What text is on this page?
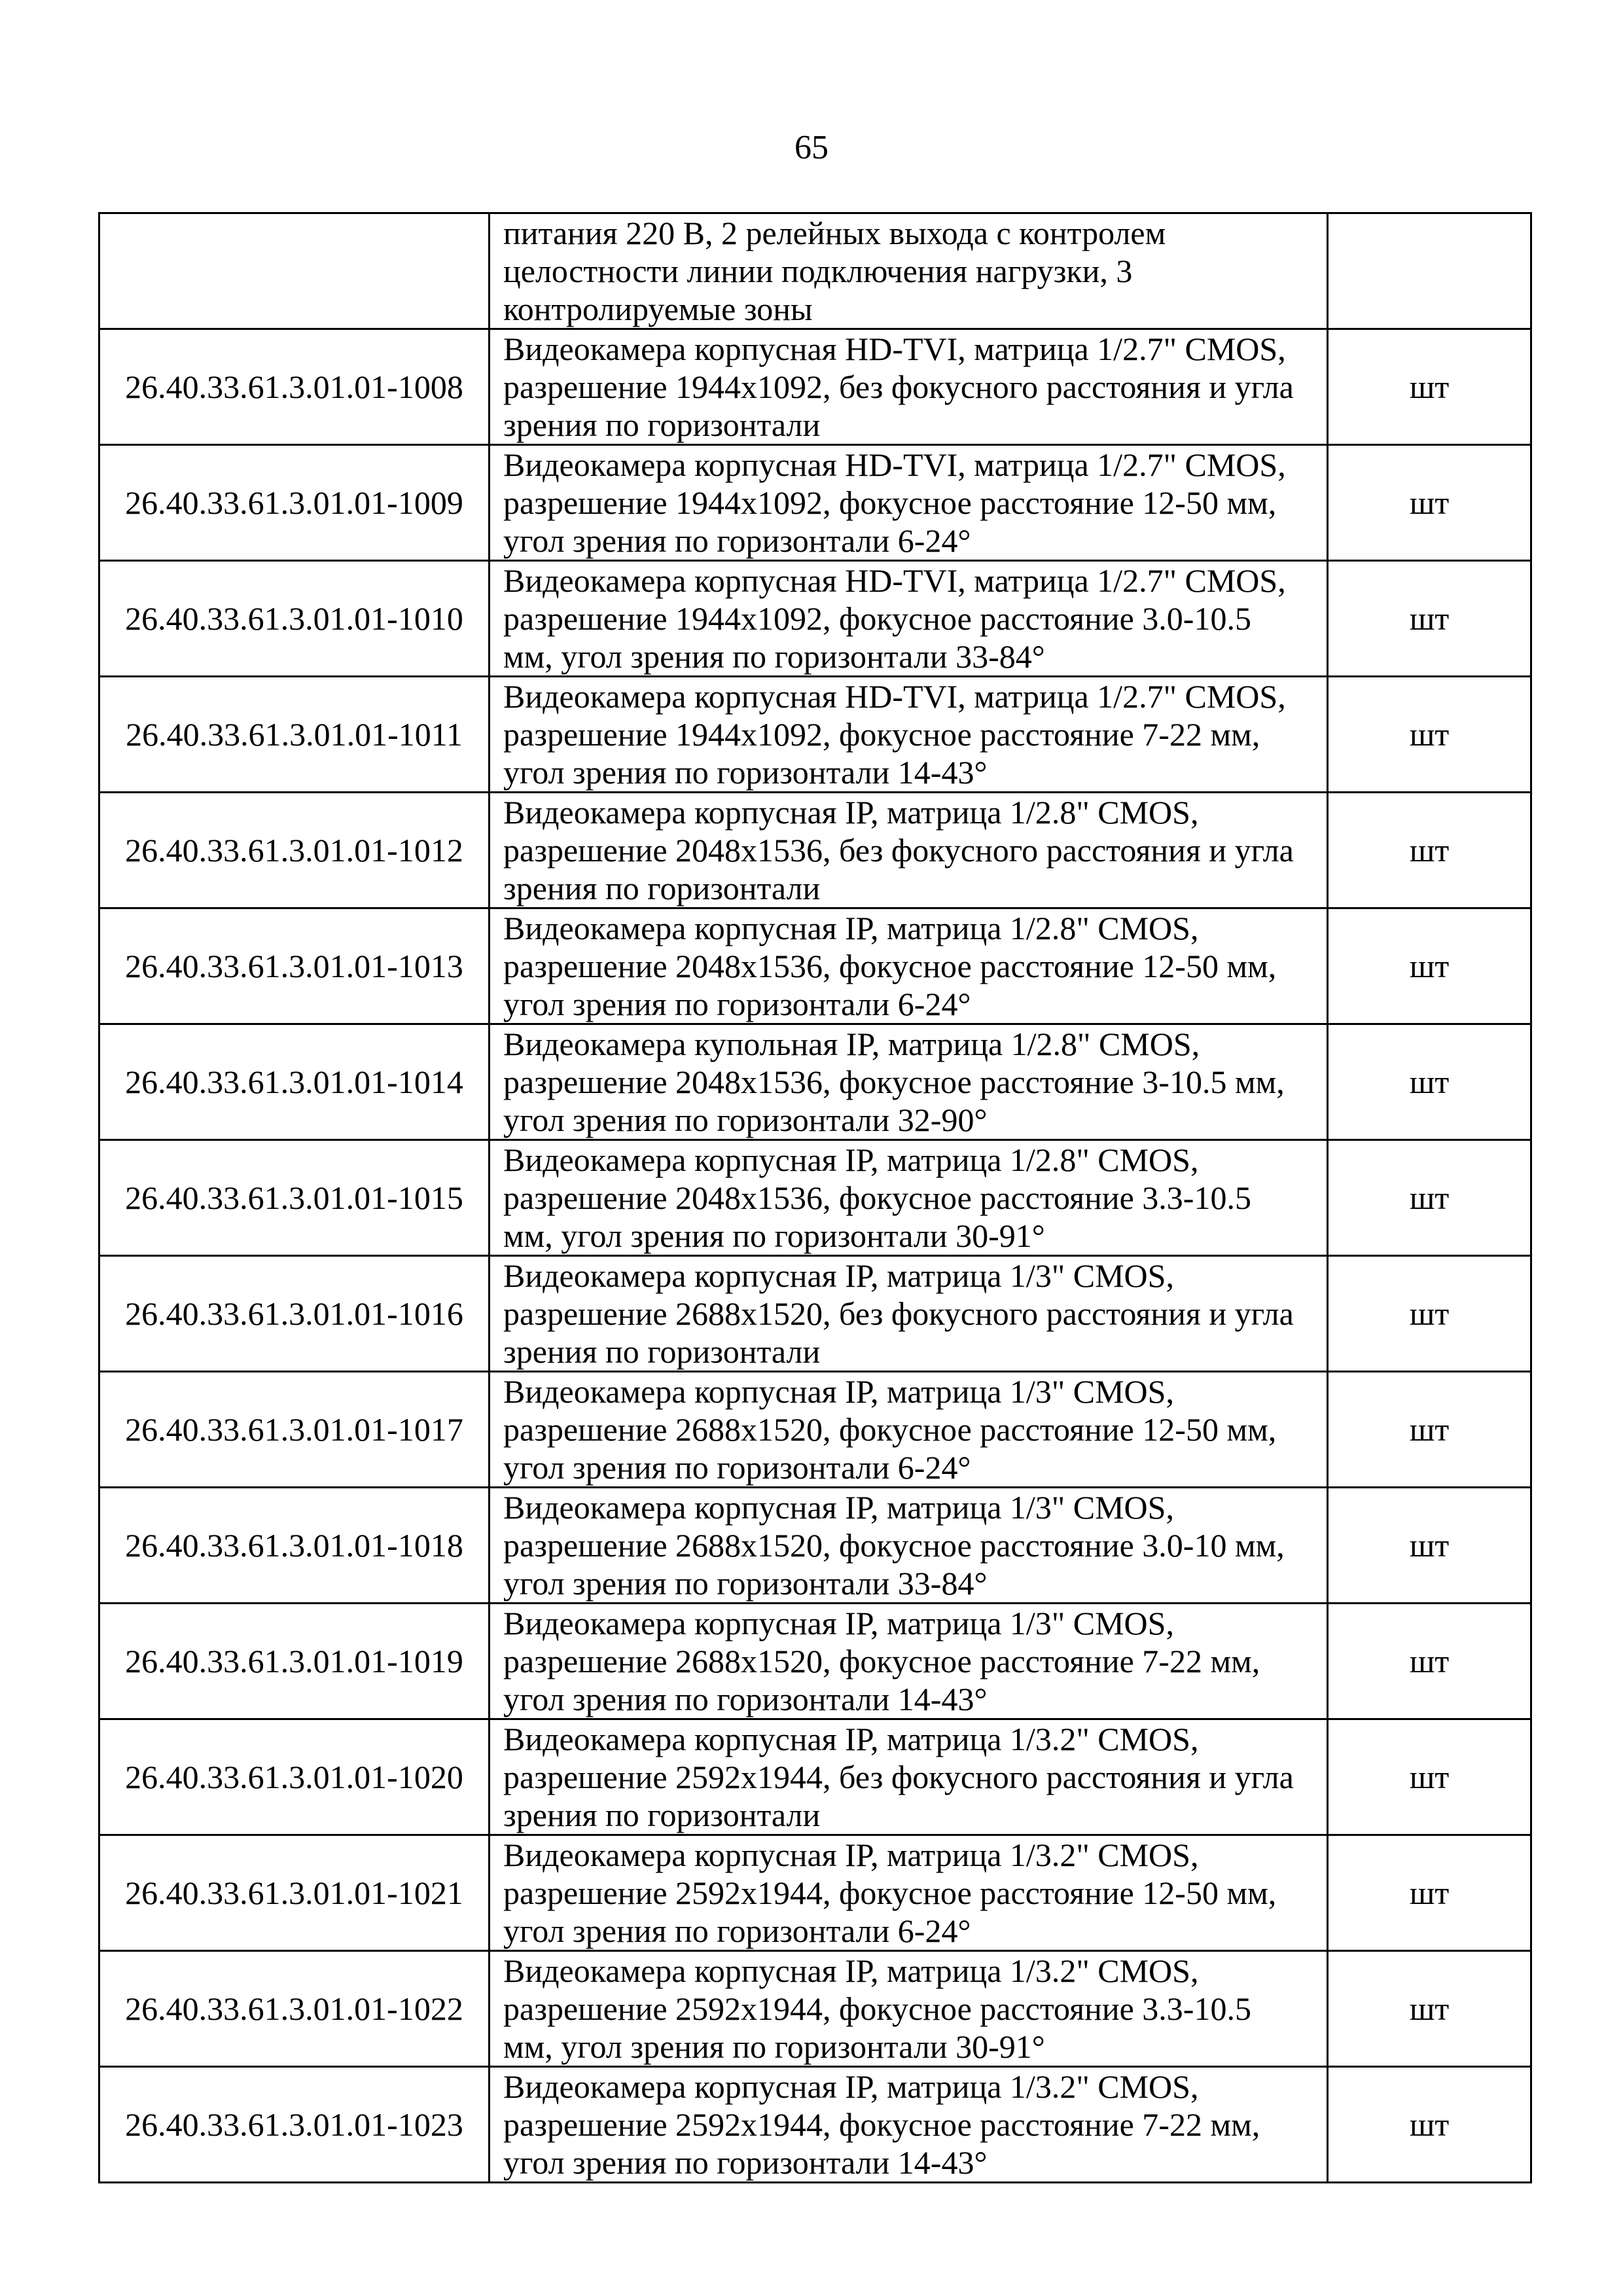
65

	питания 220 В, 2 релейных выхода с контролем
целостности линии подключения нагрузки, 3
контролируемые зоны	

26.40.33.61.3.01.01-1008	Видеокамера корпусная HD-TVI, матрица 1/2.7" CMOS,
разрешение 1944x1092, без фокусного расстояния и угла
зрения по горизонтали	шт
26.40.33.61.3.01.01-1009	Видеокамера корпусная HD-TVI, матрица 1/2.7" CMOS,
разрешение 1944x1092, фокусное расстояние 12-50 мм,
угол зрения по горизонтали 6-24°	шт
26.40.33.61.3.01.01-1010	Видеокамера корпусная HD-TVI, матрица 1/2.7" CMOS,
разрешение 1944x1092, фокусное расстояние 3.0-10.5
мм, угол зрения по горизонтали 33-84°	шт
26.40.33.61.3.01.01-1011	Видеокамера корпусная HD-TVI, матрица 1/2.7" CMOS,
разрешение 1944x1092, фокусное расстояние 7-22 мм,
угол зрения по горизонтали 14-43°	шт
26.40.33.61.3.01.01-1012	Видеокамера корпусная IP, матрица 1/2.8" CMOS,
разрешение 2048x1536, без фокусного расстояния и угла
зрения по горизонтали	шт
26.40.33.61.3.01.01-1013	Видеокамера корпусная IP, матрица 1/2.8" CMOS,
разрешение 2048x1536, фокусное расстояние 12-50 мм,
угол зрения по горизонтали 6-24°	шт
26.40.33.61.3.01.01-1014	Видеокамера купольная IP, матрица 1/2.8" CMOS,
разрешение 2048x1536, фокусное расстояние 3-10.5 мм,
угол зрения по горизонтали 32-90°	шт
26.40.33.61.3.01.01-1015	Видеокамера корпусная IP, матрица 1/2.8" CMOS,
разрешение 2048x1536, фокусное расстояние 3.3-10.5
мм, угол зрения по горизонтали 30-91°	шт
26.40.33.61.3.01.01-1016	Видеокамера корпусная IP, матрица 1/3" CMOS,
разрешение 2688x1520, без фокусного расстояния и угла
зрения по горизонтали	шт
26.40.33.61.3.01.01-1017	Видеокамера корпусная IP, матрица 1/3" CMOS,
разрешение 2688x1520, фокусное расстояние 12-50 мм,
угол зрения по горизонтали 6-24°	шт
26.40.33.61.3.01.01-1018	Видеокамера корпусная IP, матрица 1/3" CMOS,
разрешение 2688x1520, фокусное расстояние 3.0-10 мм,
угол зрения по горизонтали 33-84°	шт
26.40.33.61.3.01.01-1019	Видеокамера корпусная IP, матрица 1/3" CMOS,
разрешение 2688x1520, фокусное расстояние 7-22 мм,
угол зрения по горизонтали 14-43°	шт
26.40.33.61.3.01.01-1020	Видеокамера корпусная IP, матрица 1/3.2" CMOS,
разрешение 2592x1944, без фокусного расстояния и угла
зрения по горизонтали	шт
26.40.33.61.3.01.01-1021	Видеокамера корпусная IP, матрица 1/3.2" CMOS,
разрешение 2592x1944, фокусное расстояние 12-50 мм,
угол зрения по горизонтали 6-24°	шт
26.40.33.61.3.01.01-1022	Видеокамера корпусная IP, матрица 1/3.2" CMOS,
разрешение 2592x1944, фокусное расстояние 3.3-10.5
мм, угол зрения по горизонтали 30-91°	шт
26.40.33.61.3.01.01-1023	Видеокамера корпусная IP, матрица 1/3.2" CMOS,
разрешение 2592x1944, фокусное расстояние 7-22 мм,
угол зрения по горизонтали 14-43°	шт
